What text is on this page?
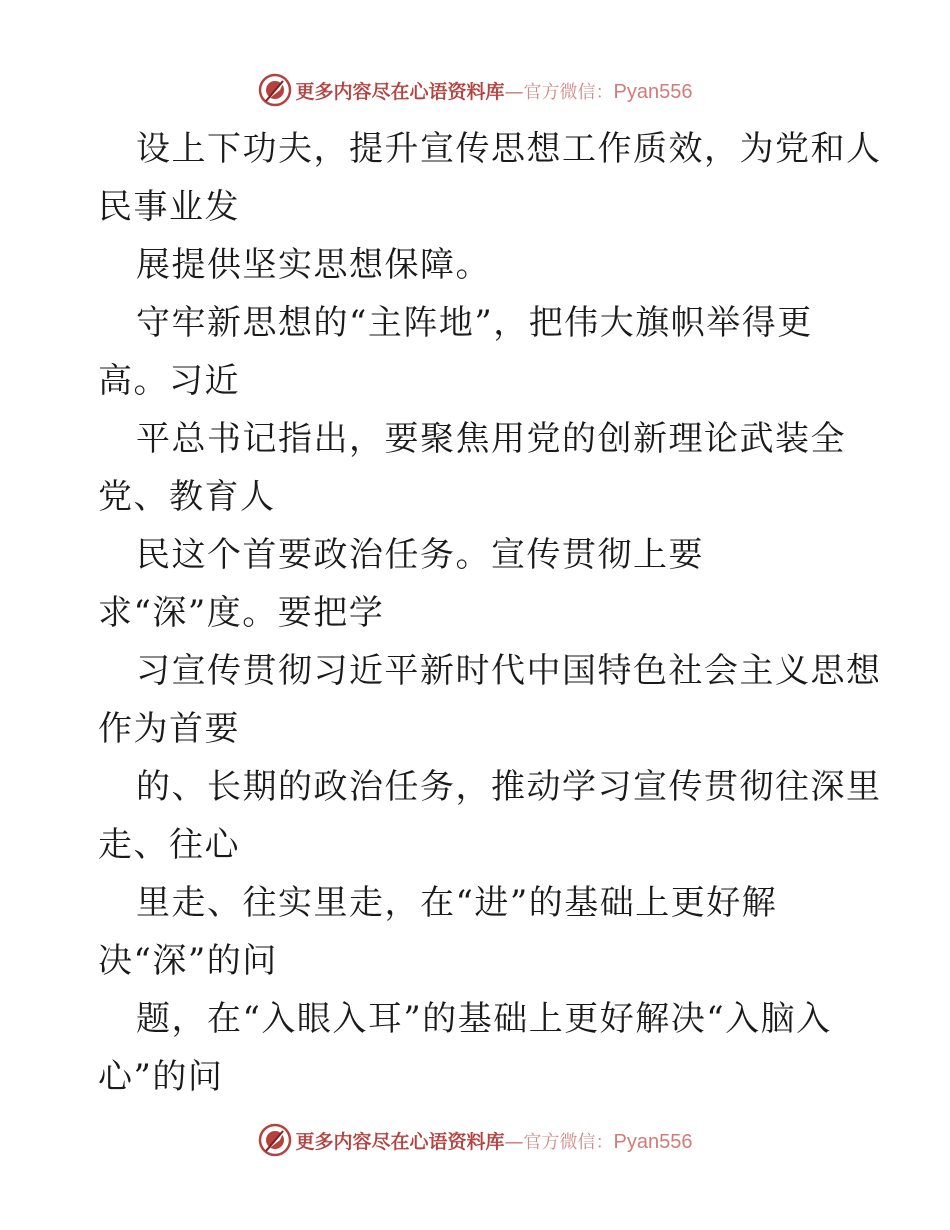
更多内容尽在心语资料库 — 官方微信： Pyan556
设上下功夫，提升宣传思想工作质效，为党和人
民事业发
展提供坚实思想保障。
守牢新思想的“主阵地”，把伟大旗帜举得更
高。习近
平总书记指出，要聚焦用党的创新理论武装全
党、教育人
民这个首要政治任务。宣传贯彻上要
求“深”度。要把学
习宣传贯彻习近平新时代中国特色社会主义思想
作为首要
的、长期的政治任务，推动学习宣传贯彻往深里
走、往心
里走、往实里走，在“进”的基础上更好解
决“深”的问
题，在“入眼入耳”的基础上更好解决“入脑入
心”的问
更多内容尽在心语资料库 — 官方微信： Pyan556
